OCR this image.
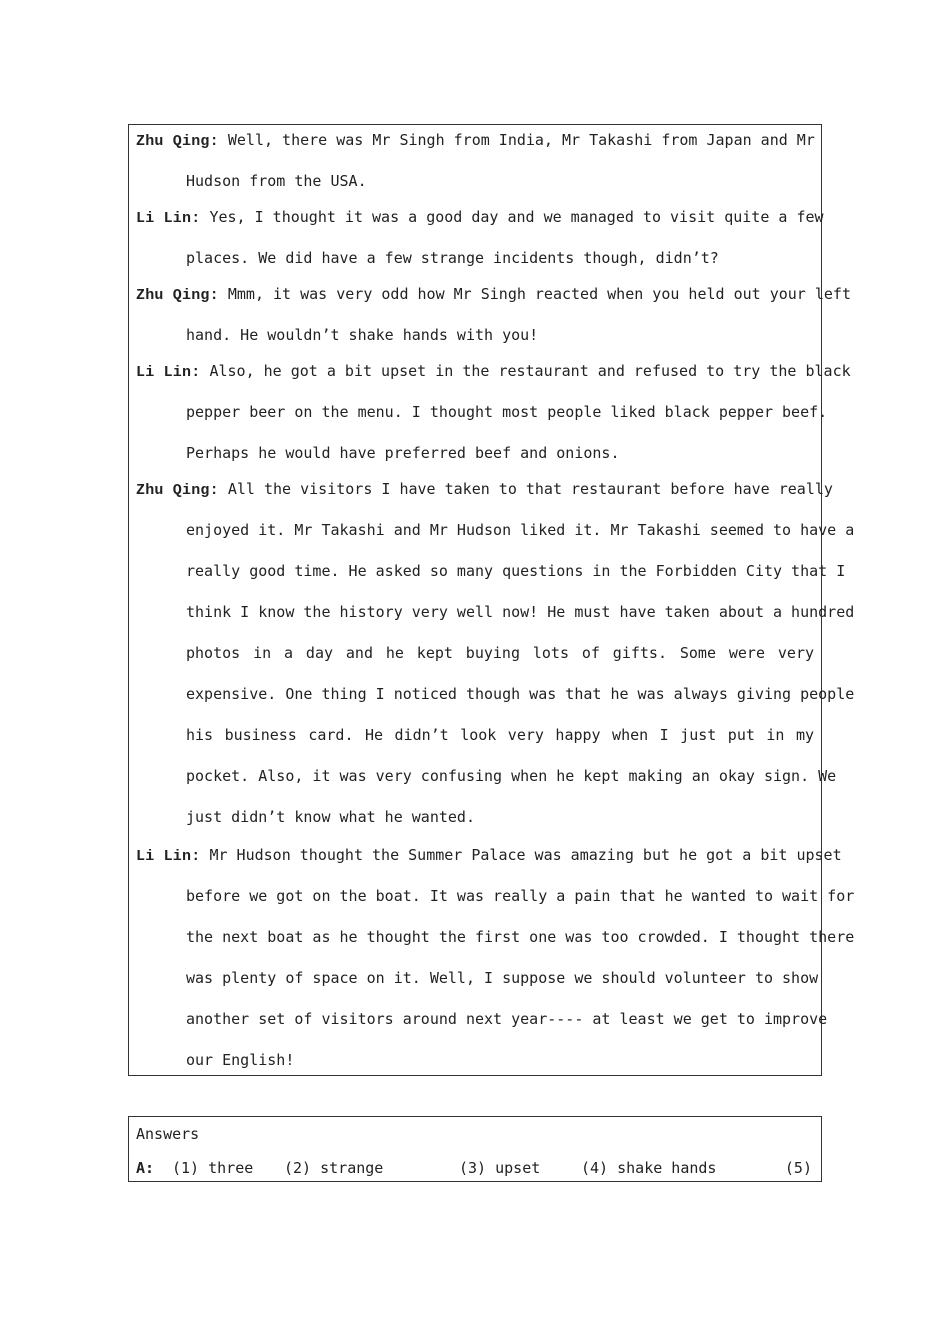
Zhu Qing: Well, there was Mr Singh from India, Mr Takashi from Japan and Mr
Hudson from the USA.
Li Lin: Yes, I thought it was a good day and we managed to visit quite a few
places. We did have a few strange incidents though, didn’t?
Zhu Qing: Mmm, it was very odd how Mr Singh reacted when you held out your left
hand. He wouldn’t shake hands with you!
Li Lin: Also, he got a bit upset in the restaurant and refused to try the black
pepper beer on the menu. I thought most people liked black pepper beef.
Perhaps he would have preferred beef and onions.
Zhu Qing: All the visitors I have taken to that restaurant before have really
enjoyed it. Mr Takashi and Mr Hudson liked it. Mr Takashi seemed to have a
really good time. He asked so many questions in the Forbidden City that I
think I know the history very well now! He must have taken about a hundred
photos in a day and he kept buying lots of gifts. Some were very
expensive. One thing I noticed though was that he was always giving people
his business card. He didn’t look very happy when I just put in my
pocket. Also, it was very confusing when he kept making an okay sign. We
just didn’t know what he wanted.
Li Lin: Mr Hudson thought the Summer Palace was amazing but he got a bit upset
before we got on the boat. It was really a pain that he wanted to wait for
the next boat as he thought the first one was too crowded. I thought there
was plenty of space on it. Well, I suppose we should volunteer to show
another set of visitors around next year---- at least we get to improve
our English!
Answers
A: (1) three (2) strange	(3) upset	(4) shake hands	(5)
